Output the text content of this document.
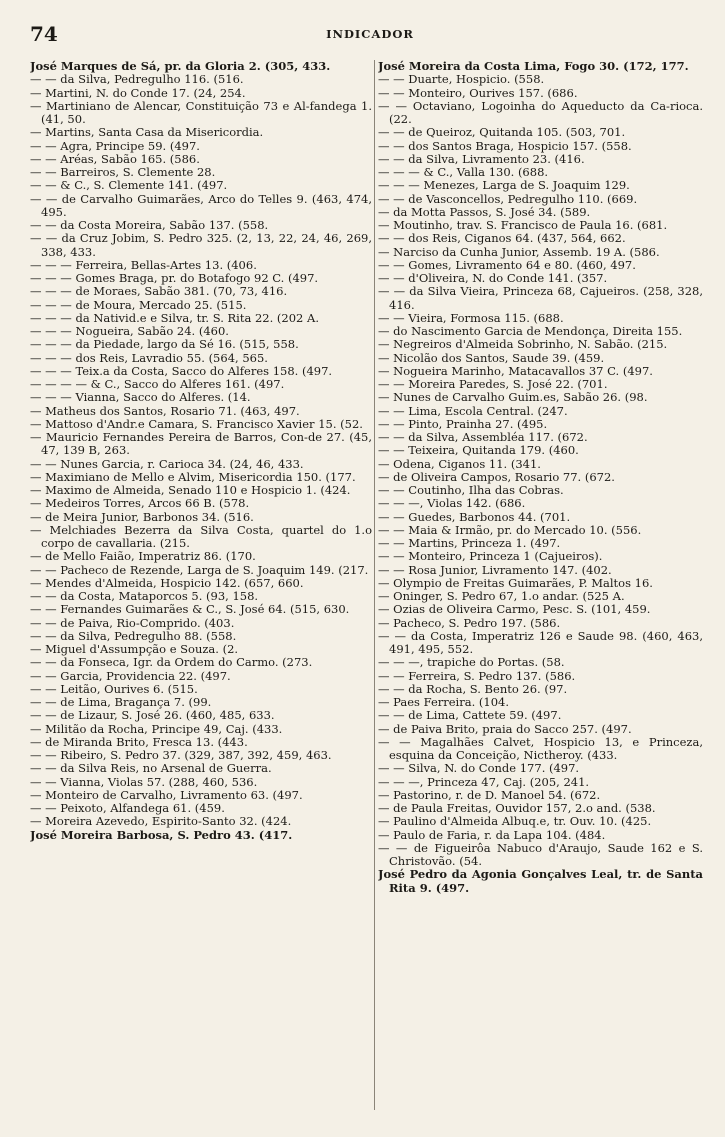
74	INDICADOR
José Marques de Sá, pr. da Gloria 2. (305, 433.
— — da Silva, Pedregulho 116. (516.
— Martini, N. do Conde 17. (24, 254.
— Martiniano de Alencar, Constituição 73 e Al-fandega 1. (41, 50.
— Martins, Santa Casa da Misericordia.
— — Agra, Principe 59. (497.
— — Aréas, Sabão 165. (586.
— — Barreiros, S. Clemente 28.
— — & C., S. Clemente 141. (497.
— — de Carvalho Guimarães, Arco do Telles 9. (463, 474, 495.
— — da Costa Moreira, Sabão 137. (558.
— — da Cruz Jobim, S. Pedro 325. (2, 13, 22, 24, 46, 269, 338, 433.
— — — Ferreira, Bellas-Artes 13. (406.
— — — Gomes Braga, pr. do Botafogo 92 C. (497.
— — — de Moraes, Sabão 381. (70, 73, 416.
— — — de Moura, Mercado 25. (515.
— — — da Nativid.e e Silva, tr. S. Rita 22. (202 A.
— — — Nogueira, Sabão 24. (460.
— — — da Piedade, largo da Sé 16. (515, 558.
— — — dos Reis, Lavradio 55. (564, 565.
— — — Teix.a da Costa, Sacco do Alferes 158. (497.
— — — — & C., Sacco do Alferes 161. (497.
— — — Vianna, Sacco do Alferes. (14.
— Matheus dos Santos, Rosario 71. (463, 497.
— Mattoso d'Andr.e Camara, S. Francisco Xavier 15. (52.
— Mauricio Fernandes Pereira de Barros, Con-de 27. (45, 47, 139 B, 263.
— — Nunes Garcia, r. Carioca 34. (24, 46, 433.
— Maximiano de Mello e Alvim, Misericordia 150. (177.
— Maximo de Almeida, Senado 110 e Hospicio 1. (424.
— Medeiros Torres, Arcos 66 B. (578.
— de Meira Junior, Barbonos 34. (516.
— Melchiades Bezerra da Silva Costa, quartel do 1.o corpo de cavallaria. (215.
— de Mello Faião, Imperatriz 86. (170.
— — Pacheco de Rezende, Larga de S. Joaquim 149. (217.
— Mendes d'Almeida, Hospicio 142. (657, 660.
— — da Costa, Mataporcos 5. (93, 158.
— — Fernandes Guimarães & C., S. José 64. (515, 630.
— — de Paiva, Rio-Comprido. (403.
— — da Silva, Pedregulho 88. (558.
— Miguel d'Assumpção e Souza. (2.
— — da Fonseca, Igr. da Ordem do Carmo. (273.
— — Garcia, Providencia 22. (497.
— — Leitão, Ourives 6. (515.
— — de Lima, Bragança 7. (99.
— — de Lizaur, S. José 26. (460, 485, 633.
— Militão da Rocha, Principe 49, Caj. (433.
— de Miranda Brito, Fresca 13. (443.
— — Ribeiro, S. Pedro 37. (329, 387, 392, 459, 463.
— — da Silva Reis, no Arsenal de Guerra.
— — Vianna, Violas 57. (288, 460, 536.
— Monteiro de Carvalho, Livramento 63. (497.
— — Peixoto, Alfandega 61. (459.
— Moreira Azevedo, Espirito-Santo 32. (424.
José Moreira Barbosa, S. Pedro 43. (417.
José Moreira da Costa Lima, Fogo 30. (172, 177.
— — Duarte, Hospicio. (558.
— — Monteiro, Ourives 157. (686.
— — Octaviano, Logoinha do Aqueducto da Ca-rioca. (22.
— — de Queiroz, Quitanda 105. (503, 701.
— — dos Santos Braga, Hospicio 157. (558.
— — da Silva, Livramento 23. (416.
— — — & C., Valla 130. (688.
— — — Menezes, Larga de S. Joaquim 129.
— — de Vasconcellos, Pedregulho 110. (669.
— da Motta Passos, S. José 34. (589.
— Moutinho, trav. S. Francisco de Paula 16. (681.
— — dos Reis, Ciganos 64. (437, 564, 662.
— Narciso da Cunha Junior, Assemb. 19 A. (586.
— — Gomes, Livramento 64 e 80. (460, 497.
— — d'Oliveira, N. do Conde 141. (357.
— — da Silva Vieira, Princeza 68, Cajueiros. (258, 328, 416.
— — Vieira, Formosa 115. (688.
— do Nascimento Garcia de Mendonça, Direita 155.
— Negreiros d'Almeida Sobrinho, N. Sabão. (215.
— Nicolão dos Santos, Saude 39. (459.
— Nogueira Marinho, Matacavallos 37 C. (497.
— — Moreira Paredes, S. José 22. (701.
— Nunes de Carvalho Guim.es, Sabão 26. (98.
— — Lima, Escola Central. (247.
— — Pinto, Prainha 27. (495.
— — da Silva, Assembléa 117. (672.
— — Teixeira, Quitanda 179. (460.
— Odena, Ciganos 11. (341.
— de Oliveira Campos, Rosario 77. (672.
— — Coutinho, Ilha das Cobras.
— — —, Violas 142. (686.
— — Guedes, Barbonos 44. (701.
— — Maia & Irmão, pr. do Mercado 10. (556.
— — Martins, Princeza 1. (497.
— — Monteiro, Princeza 1 (Cajueiros).
— — Rosa Junior, Livramento 147. (402.
— Olympio de Freitas Guimarães, P. Maltos 16.
— Oninger, S. Pedro 67, 1.o andar. (525 A.
— Ozias de Oliveira Carmo, Pesc. S. (101, 459.
— Pacheco, S. Pedro 197. (586.
— — da Costa, Imperatriz 126 e Saude 98. (460, 463, 491, 495, 552.
— — —, trapiche do Portas. (58.
— — Ferreira, S. Pedro 137. (586.
— — da Rocha, S. Bento 26. (97.
— Paes Ferreira. (104.
— — de Lima, Cattete 59. (497.
— de Paiva Brito, praia do Sacco 257. (497.
— — Magalhães Calvet, Hospicio 13, e Princeza, esquina da Conceição, Nictheroy. (433.
— — Silva, N. do Conde 177. (497.
— — —, Princeza 47, Caj. (205, 241.
— Pastorino, r. de D. Manoel 54. (672.
— de Paula Freitas, Ouvidor 157, 2.o and. (538.
— Paulino d'Almeida Albuq.e, tr. Ouv. 10. (425.
— Paulo de Faria, r. da Lapa 104. (484.
— — de Figueirôa Nabuco d'Araujo, Saude 162 e S. Christovão. (54.
José Pedro da Agonia Gonçalves Leal, tr. de Santa Rita 9. (497.
